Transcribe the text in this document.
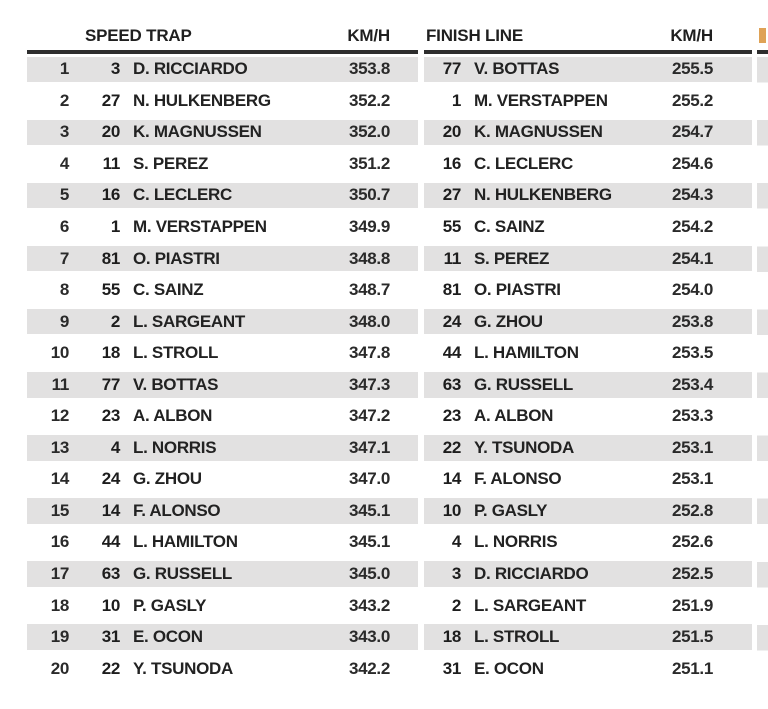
SPEED TRAP	KM/H
1	3 D. RICCIARDO	353.8
2	27 N. HULKENBERG	352.2
3	20 K. MAGNUSSEN	352.0
4	11 S. PEREZ	351.2
5	16 C. LECLERC	350.7
6	1 M. VERSTAPPEN	349.9
7	81 O. PIASTRI	348.8
8	55 C. SAINZ	348.7
9	2 L. SARGEANT	348.0
10	18 L. STROLL	347.8
11	77 V. BOTTAS	347.3
12	23 A. ALBON	347.2
13	4 L. NORRIS	347.1
14	24 G. ZHOU	347.0
15	14 F. ALONSO	345.1
16	44 L. HAMILTON	345.1
17	63 G. RUSSELL	345.0
18	10 P. GASLY	343.2
19	31 E. OCON	343.0
20	22 Y. TSUNODA	342.2
FINISH LINE	KM/H
77 V. BOTTAS	255.5
1 M. VERSTAPPEN	255.2
20 K. MAGNUSSEN	254.7
16 C. LECLERC	254.6
27 N. HULKENBERG	254.3
55 C. SAINZ	254.2
11 S. PEREZ	254.1
81 O. PIASTRI	254.0
24 G. ZHOU	253.8
44 L. HAMILTON	253.5
63 G. RUSSELL	253.4
23 A. ALBON	253.3
22 Y. TSUNODA	253.1
14 F. ALONSO	253.1
10 P. GASLY	252.8
4 L. NORRIS	252.6
3 D. RICCIARDO	252.5
2 L. SARGEANT	251.9
18 L. STROLL	251.5
31 E. OCON	251.1
